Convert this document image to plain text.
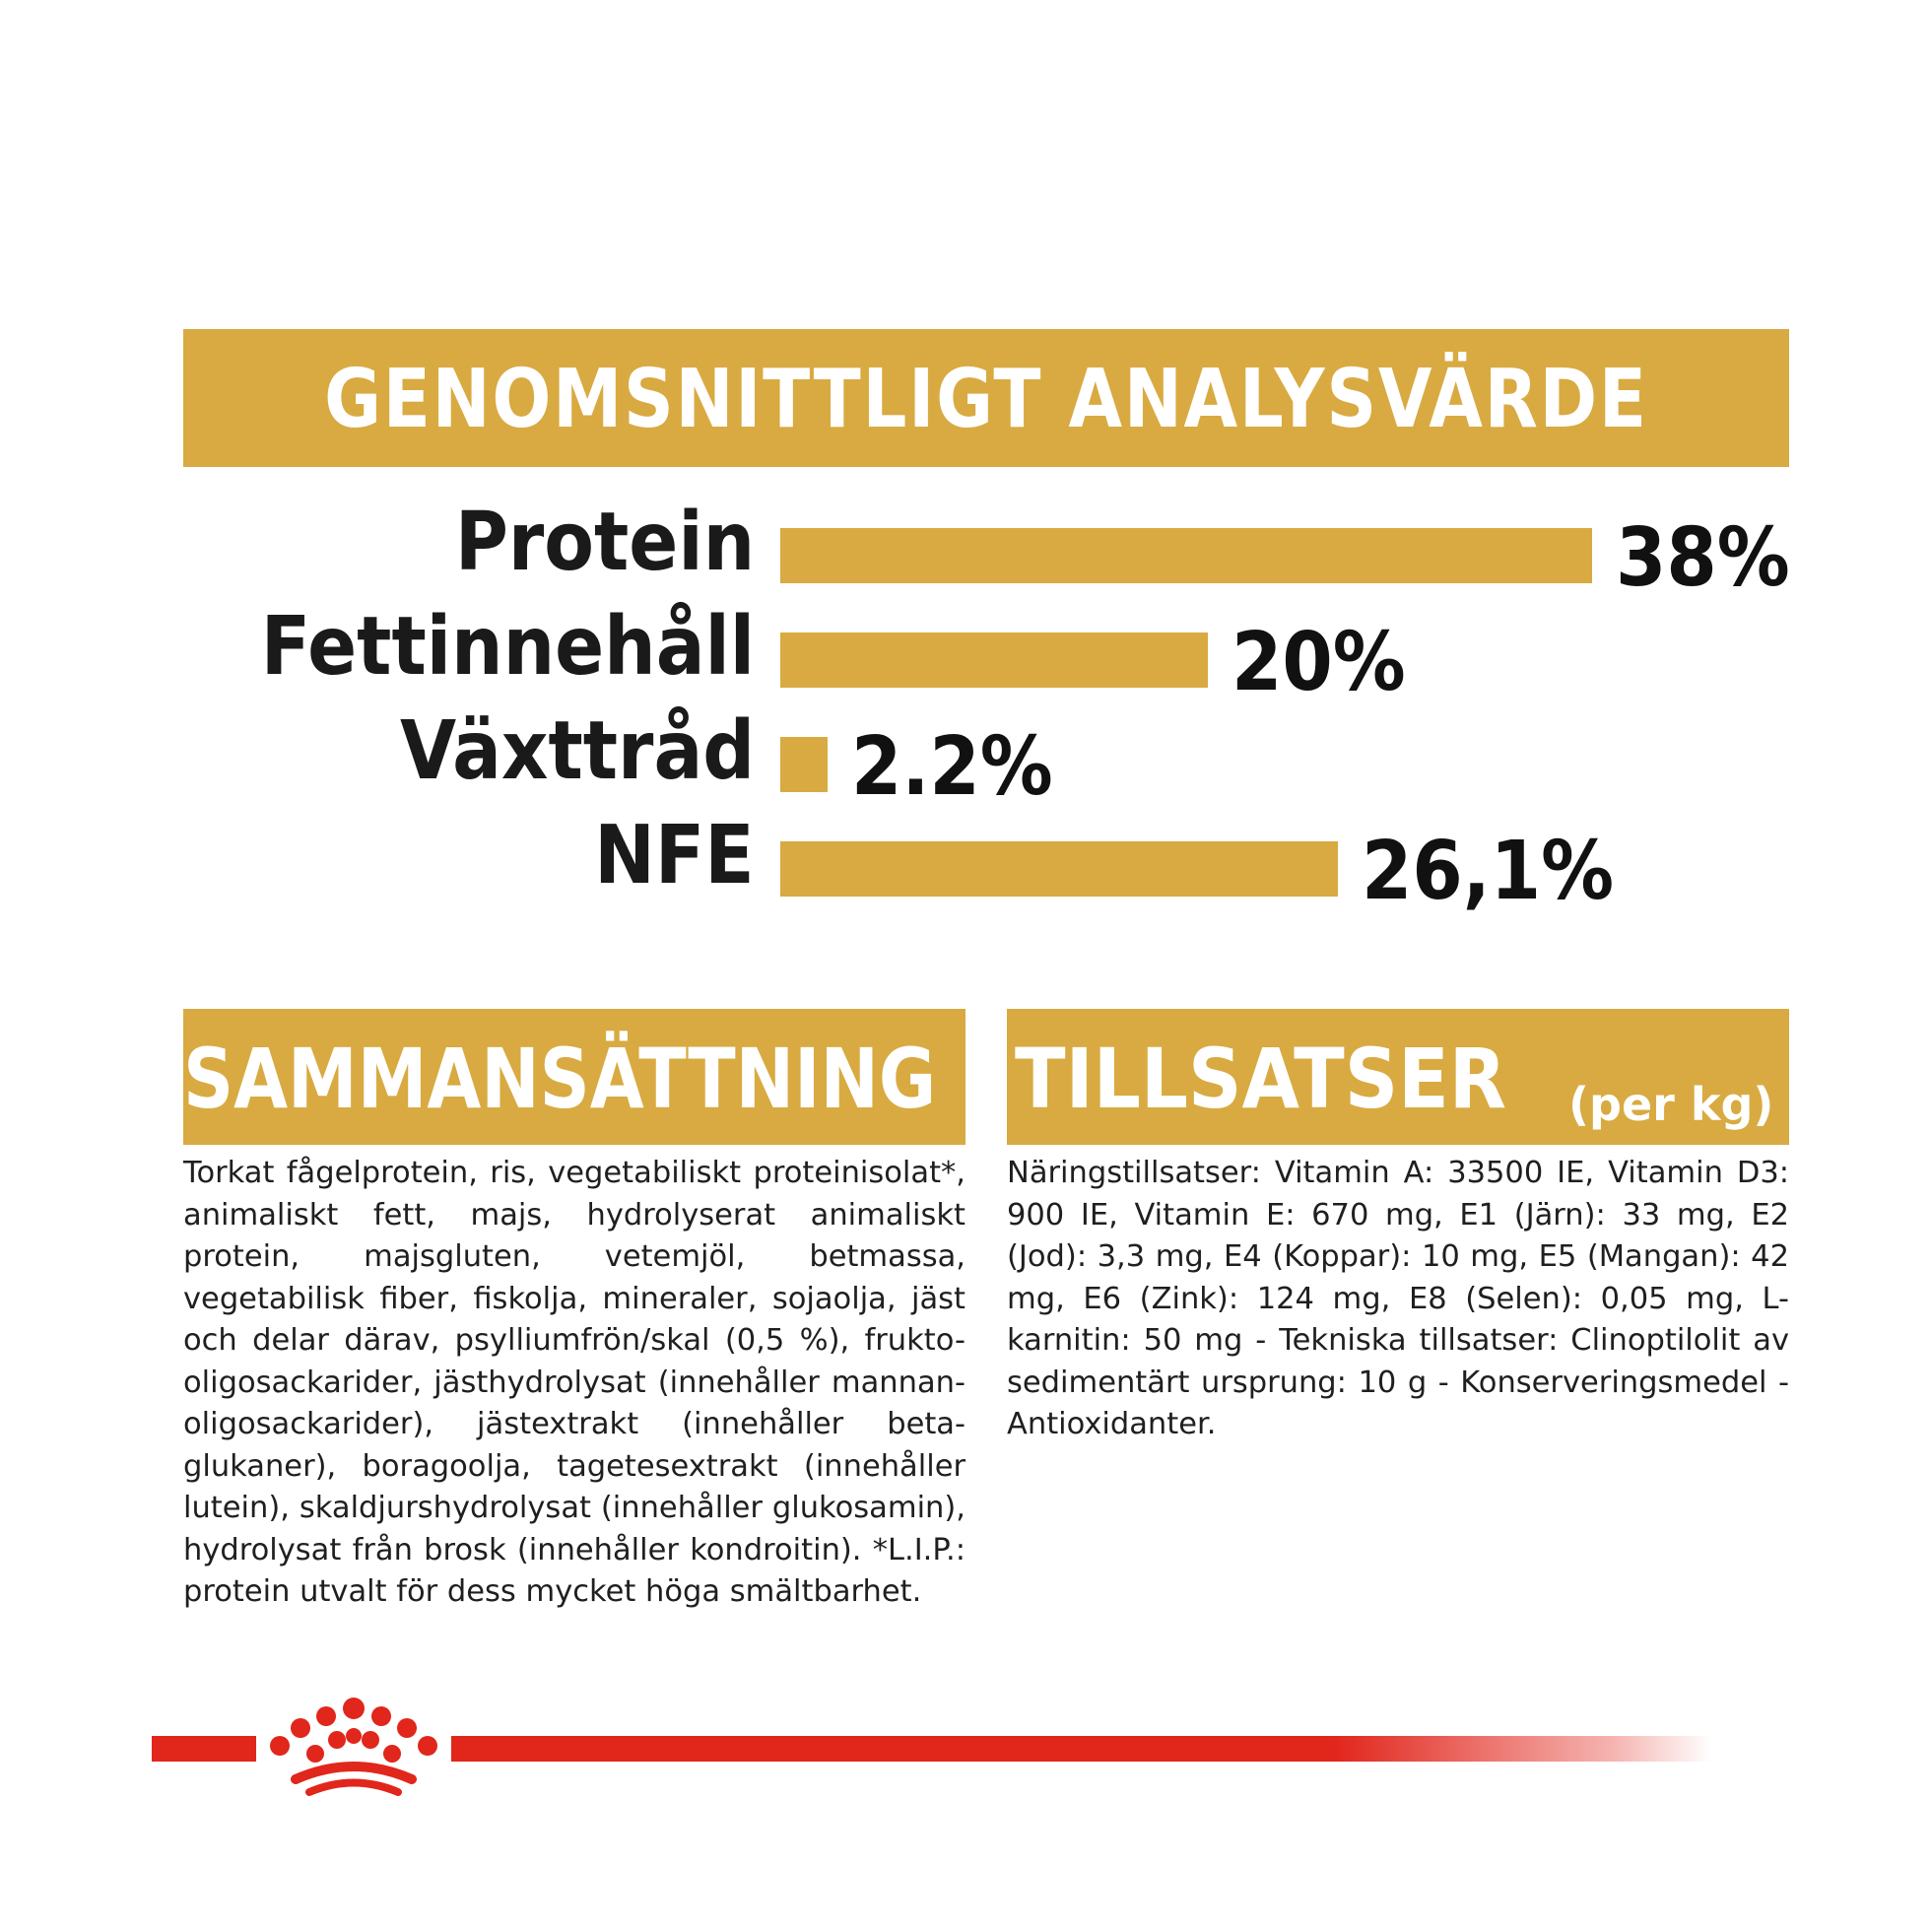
GENOMSNITTLIGT ANALYSVÄRDE
Protein	38%
Fettinnehåll	20%
Växttråd 2.2%
NFE	26,1%
SAMMANSÄTTNING TILLSATSER (per kg)
Torkat fågelprotein, ris, vegetabiliskt proteinisolat*, animaliskt fett, majs, hydrolyserat animaliskt protein, majsgluten, vetemjöl, betmassa, vegetabilisk fiber, fiskolja, mineraler, sojaolja, jäst och delar därav, psylliumfrön/skal (0,5 %), frukto-oligosackarider, jästhydrolysat (innehåller mannan-oligosackarider), jästextrakt (innehåller beta-glukaner), boragoolja, tagetesextrakt (innehåller lutein), skaldjurshydrolysat (innehåller glukosamin), hydrolysat från brosk (innehåller kondroitin). *L.I.P.: protein utvalt för dess mycket höga smältbarhet.
Näringstillsatser: Vitamin A: 33500 IE, Vitamin D3: 900 IE, Vitamin E: 670 mg, E1 (Järn): 33 mg, E2 (Jod): 3,3 mg, E4 (Koppar): 10 mg, E5 (Mangan): 42 mg, E6 (Zink): 124 mg, E8 (Selen): 0,05 mg, L-karnitin: 50 mg - Tekniska tillsatser: Clinoptilolit av sedimentärt ursprung: 10 g - Konserveringsmedel - Antioxidanter.
